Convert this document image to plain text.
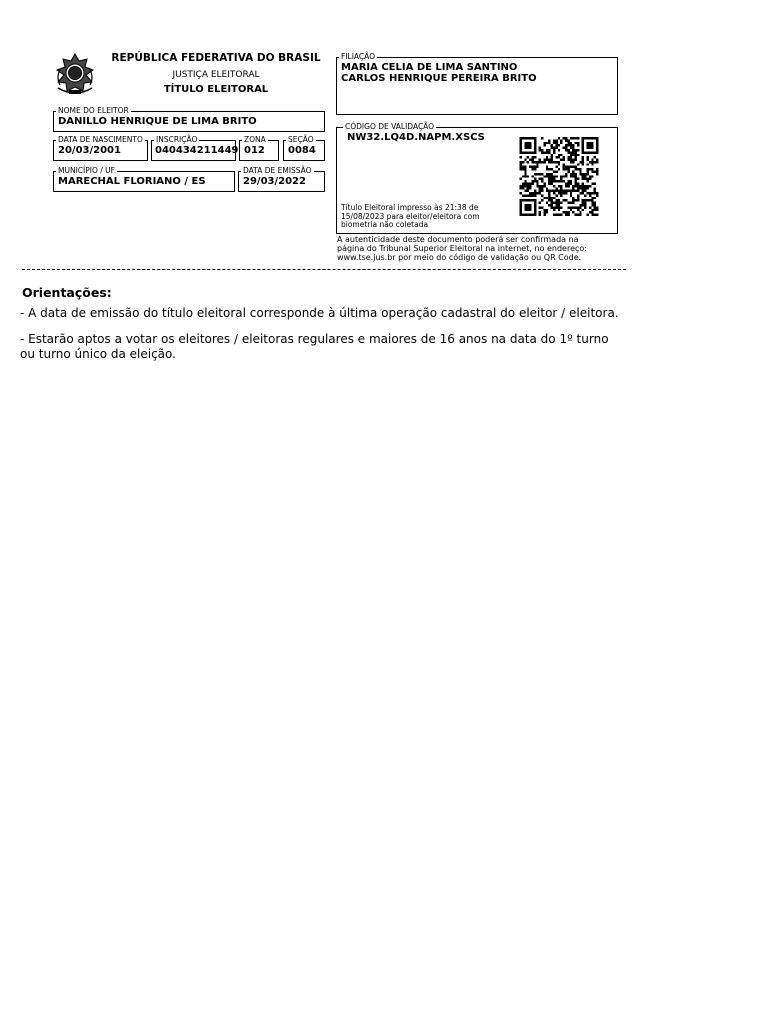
REPÚBLICA FEDERATIVA DO BRASIL
JUSTIÇA ELEITORAL
TÍTULO ELEITORAL
NOME DO ELEITOR
DANILLO HENRIQUE DE LIMA BRITO
DATA DE NASCIMENTO
20/03/2001
INSCRIÇÃO
040434211449
ZONA
012
SEÇÃO
0084
MUNICÍPIO / UF
MARECHAL FLORIANO / ES
DATA DE EMISSÃO
29/03/2022
FILIAÇÃO
MARIA CELIA DE LIMA SANTINO
CARLOS HENRIQUE PEREIRA BRITO
CÓDIGO DE VALIDAÇÃO
NW32.LQ4D.NAPM.XSCS
Título Eleitoral impresso às 21:38 de
15/08/2023 para eleitor/eleitora com
biometria não coletada
A autenticidade deste documento poderá ser confirmada na
página do Tribunal Superior Eleitoral na internet, no endereço:
www.tse.jus.br por meio do código de validação ou QR Code.
Orientações:
- A data de emissão do título eleitoral corresponde à última operação cadastral do eleitor / eleitora.
- Estarão aptos a votar os eleitores / eleitoras regulares e maiores de 16 anos na data do 1º turno
ou turno único da eleição.
